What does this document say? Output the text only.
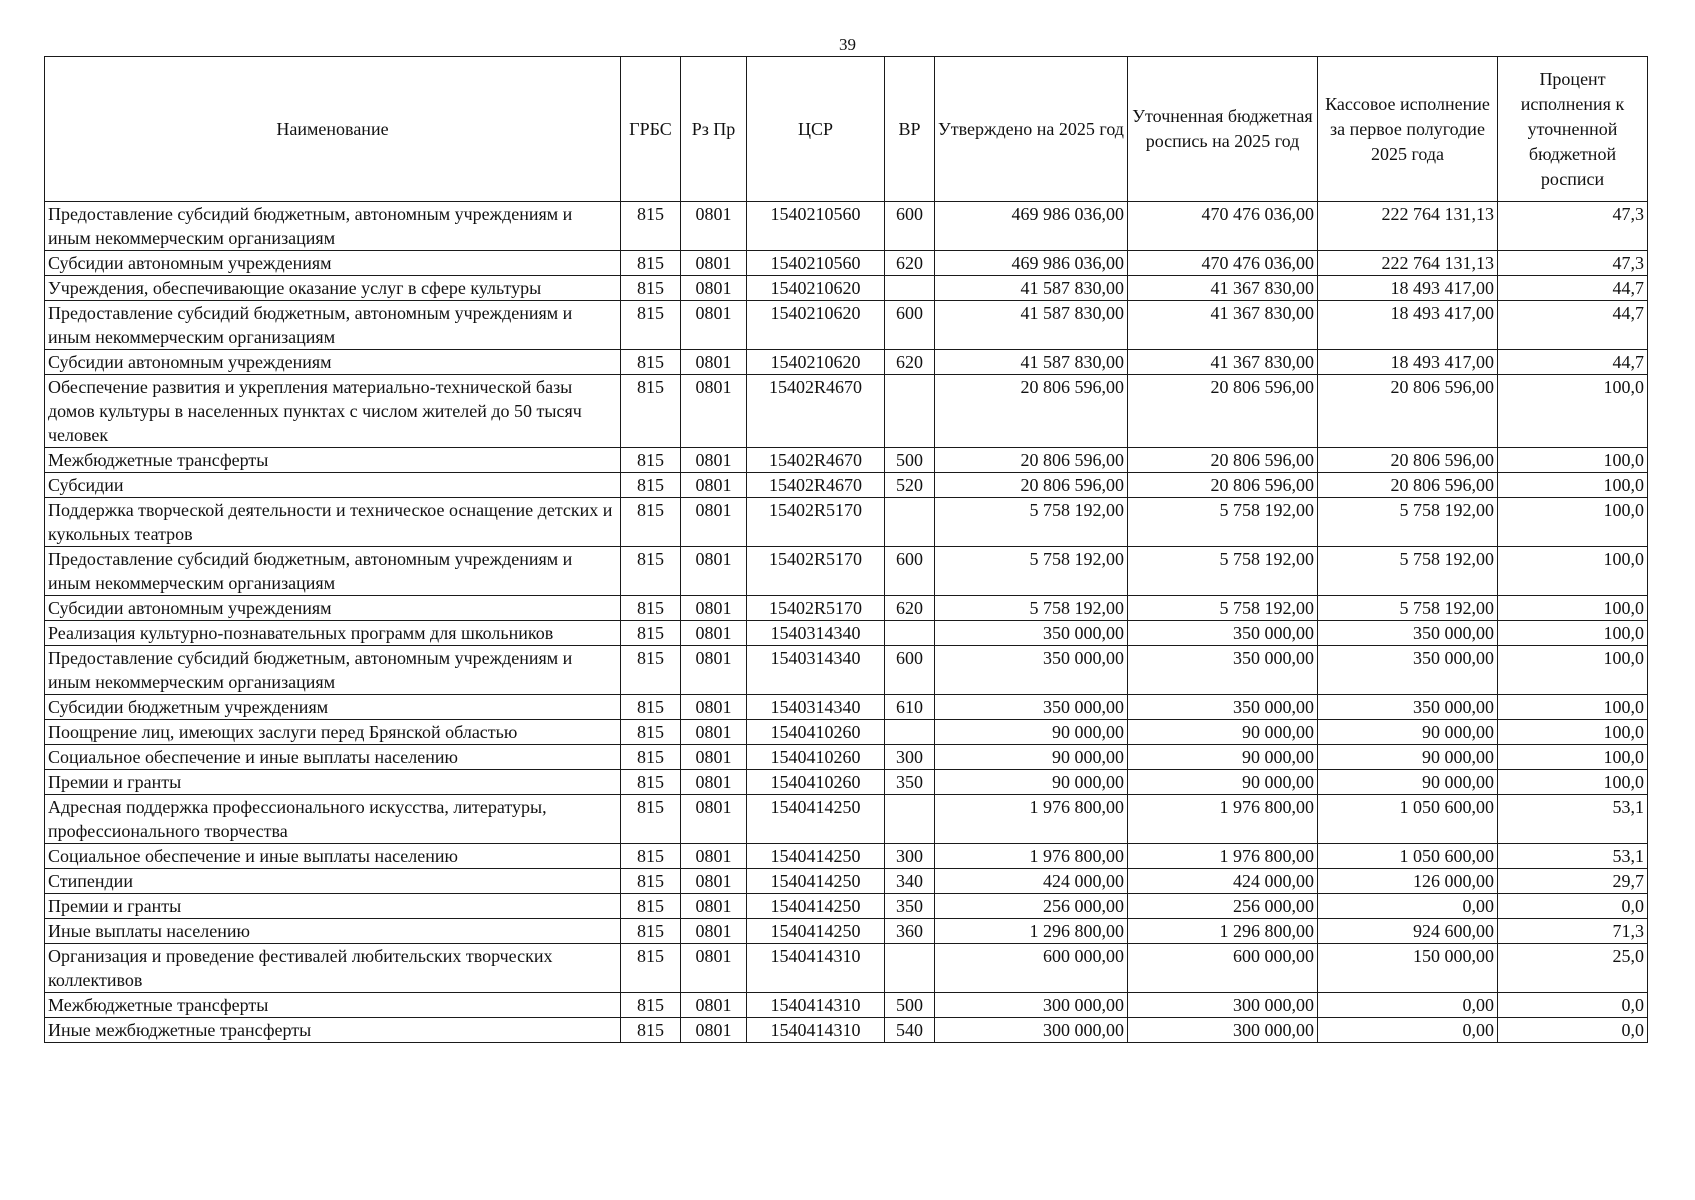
39
Наименование	ГРБС	Рз Пр	ЦСР	ВР	Утверждено на 2025 год	Уточненная бюджетная роспись на 2025 год	Кассовое исполнение за первое полугодие 2025 года	Процент исполнения к уточненной бюджетной росписи
Предоставление субсидий бюджетным, автономным учреждениям и иным некоммерческим организациям	815	0801	1540210560	600	469 986 036,00	470 476 036,00	222 764 131,13	47,3
Субсидии автономным учреждениям	815	0801	1540210560	620	469 986 036,00	470 476 036,00	222 764 131,13	47,3
Учреждения, обеспечивающие оказание услуг в сфере культуры	815	0801	1540210620		41 587 830,00	41 367 830,00	18 493 417,00	44,7
Предоставление субсидий бюджетным, автономным учреждениям и иным некоммерческим организациям	815	0801	1540210620	600	41 587 830,00	41 367 830,00	18 493 417,00	44,7
Субсидии автономным учреждениям	815	0801	1540210620	620	41 587 830,00	41 367 830,00	18 493 417,00	44,7
Обеспечение развития и укрепления материально-технической базы домов культуры в населенных пунктах с числом жителей до 50 тысяч человек	815	0801	15402R4670		20 806 596,00	20 806 596,00	20 806 596,00	100,0
Межбюджетные трансферты	815	0801	15402R4670	500	20 806 596,00	20 806 596,00	20 806 596,00	100,0
Субсидии	815	0801	15402R4670	520	20 806 596,00	20 806 596,00	20 806 596,00	100,0
Поддержка творческой деятельности и техническое оснащение детских и кукольных театров	815	0801	15402R5170		5 758 192,00	5 758 192,00	5 758 192,00	100,0
Предоставление субсидий бюджетным, автономным учреждениям и иным некоммерческим организациям	815	0801	15402R5170	600	5 758 192,00	5 758 192,00	5 758 192,00	100,0
Субсидии автономным учреждениям	815	0801	15402R5170	620	5 758 192,00	5 758 192,00	5 758 192,00	100,0
Реализация культурно-познавательных программ для школьников	815	0801	1540314340		350 000,00	350 000,00	350 000,00	100,0
Предоставление субсидий бюджетным, автономным учреждениям и иным некоммерческим организациям	815	0801	1540314340	600	350 000,00	350 000,00	350 000,00	100,0
Субсидии бюджетным учреждениям	815	0801	1540314340	610	350 000,00	350 000,00	350 000,00	100,0
Поощрение лиц, имеющих заслуги перед Брянской областью	815	0801	1540410260		90 000,00	90 000,00	90 000,00	100,0
Социальное обеспечение и иные выплаты населению	815	0801	1540410260	300	90 000,00	90 000,00	90 000,00	100,0
Премии и гранты	815	0801	1540410260	350	90 000,00	90 000,00	90 000,00	100,0
Адресная поддержка профессионального искусства, литературы, профессионального творчества	815	0801	1540414250		1 976 800,00	1 976 800,00	1 050 600,00	53,1
Социальное обеспечение и иные выплаты населению	815	0801	1540414250	300	1 976 800,00	1 976 800,00	1 050 600,00	53,1
Стипендии	815	0801	1540414250	340	424 000,00	424 000,00	126 000,00	29,7
Премии и гранты	815	0801	1540414250	350	256 000,00	256 000,00	0,00	0,0
Иные выплаты населению	815	0801	1540414250	360	1 296 800,00	1 296 800,00	924 600,00	71,3
Организация и проведение фестивалей любительских творческих коллективов	815	0801	1540414310		600 000,00	600 000,00	150 000,00	25,0
Межбюджетные трансферты	815	0801	1540414310	500	300 000,00	300 000,00	0,00	0,0
Иные межбюджетные трансферты	815	0801	1540414310	540	300 000,00	300 000,00	0,00	0,0
